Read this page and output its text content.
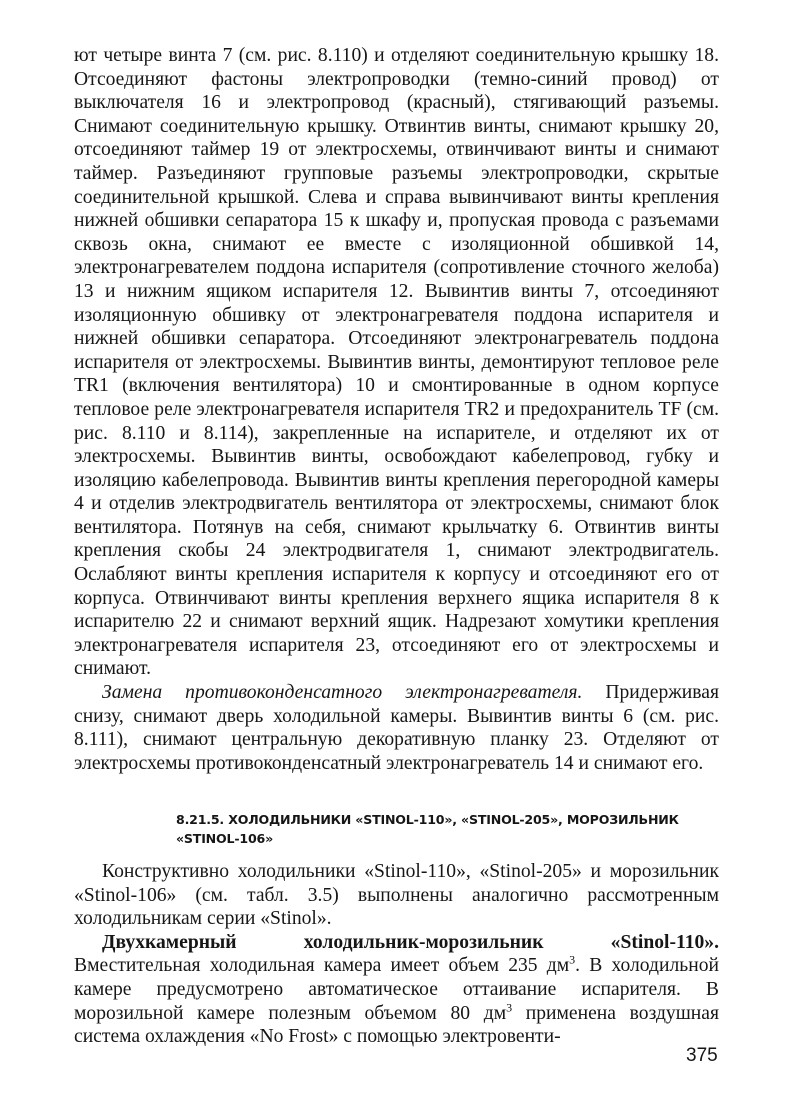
ют четыре винта 7 (см. рис. 8.110) и отделяют соединительную крышку 18. Отсоединяют фастоны электропроводки (темно-синий провод) от выключателя 16 и электропровод (красный), стягивающий разъемы. Снимают соединительную крышку. Отвинтив винты, снимают крышку 20, отсоединяют таймер 19 от электросхемы, отвинчивают винты и снимают таймер. Разъединяют групповые разъемы электропроводки, скрытые соединительной крышкой. Слева и справа вывинчивают винты крепления нижней обшивки сепаратора 15 к шкафу и, пропуская провода с разъемами сквозь окна, снимают ее вместе с изоляционной обшивкой 14, электронагревателем поддона испарителя (сопротивление сточного желоба) 13 и нижним ящиком испарителя 12. Вывинтив винты 7, отсоединяют изоляционную обшивку от электронагревателя поддона испарителя и нижней обшивки сепаратора. Отсоединяют электронагреватель поддона испарителя от электросхемы. Вывинтив винты, демонтируют тепловое реле TR1 (включения вентилятора) 10 и смонтированные в одном корпусе тепловое реле электронагревателя испарителя TR2 и предохранитель TF (см. рис. 8.110 и 8.114), закрепленные на испарителе, и отделяют их от электросхемы. Вывинтив винты, освобождают кабелепровод, губку и изоляцию кабелепровода. Вывинтив винты крепления перегородной камеры 4 и отделив электродвигатель вентилятора от электросхемы, снимают блок вентилятора. Потянув на себя, снимают крыльчатку 6. Отвинтив винты крепления скобы 24 электродвигателя 1, снимают электродвигатель. Ослабляют винты крепления испарителя к корпусу и отсоединяют его от корпуса. Отвинчивают винты крепления верхнего ящика испарителя 8 к испарителю 22 и снимают верхний ящик. Надрезают хомутики крепления электронагревателя испарителя 23, отсоединяют его от электросхемы и снимают.

Замена противоконденсатного электронагревателя. Придерживая снизу, снимают дверь холодильной камеры. Вывинтив винты 6 (см. рис. 8.111), снимают центральную декоративную планку 23. Отделяют от электросхемы противоконденсатный электронагреватель 14 и снимают его.

8.21.5. ХОЛОДИЛЬНИКИ «STINOL-110», «STINOL-205», МОРОЗИЛЬНИК «STINOL-106»

Конструктивно холодильники «Stinol-110», «Stinol-205» и морозильник «Stinol-106» (см. табл. 3.5) выполнены аналогично рассмотренным холодильникам серии «Stinol».

Двухкамерный холодильник-морозильник «Stinol-110». Вместительная холодильная камера имеет объем 235 $дм^3$. В холодильной камере предусмотрено автоматическое оттаивание испарителя. В морозильной камере полезным объемом 80 $дм^3$ применена воздушная система охлаждения «No Frost» с помощью электровенти-

375
